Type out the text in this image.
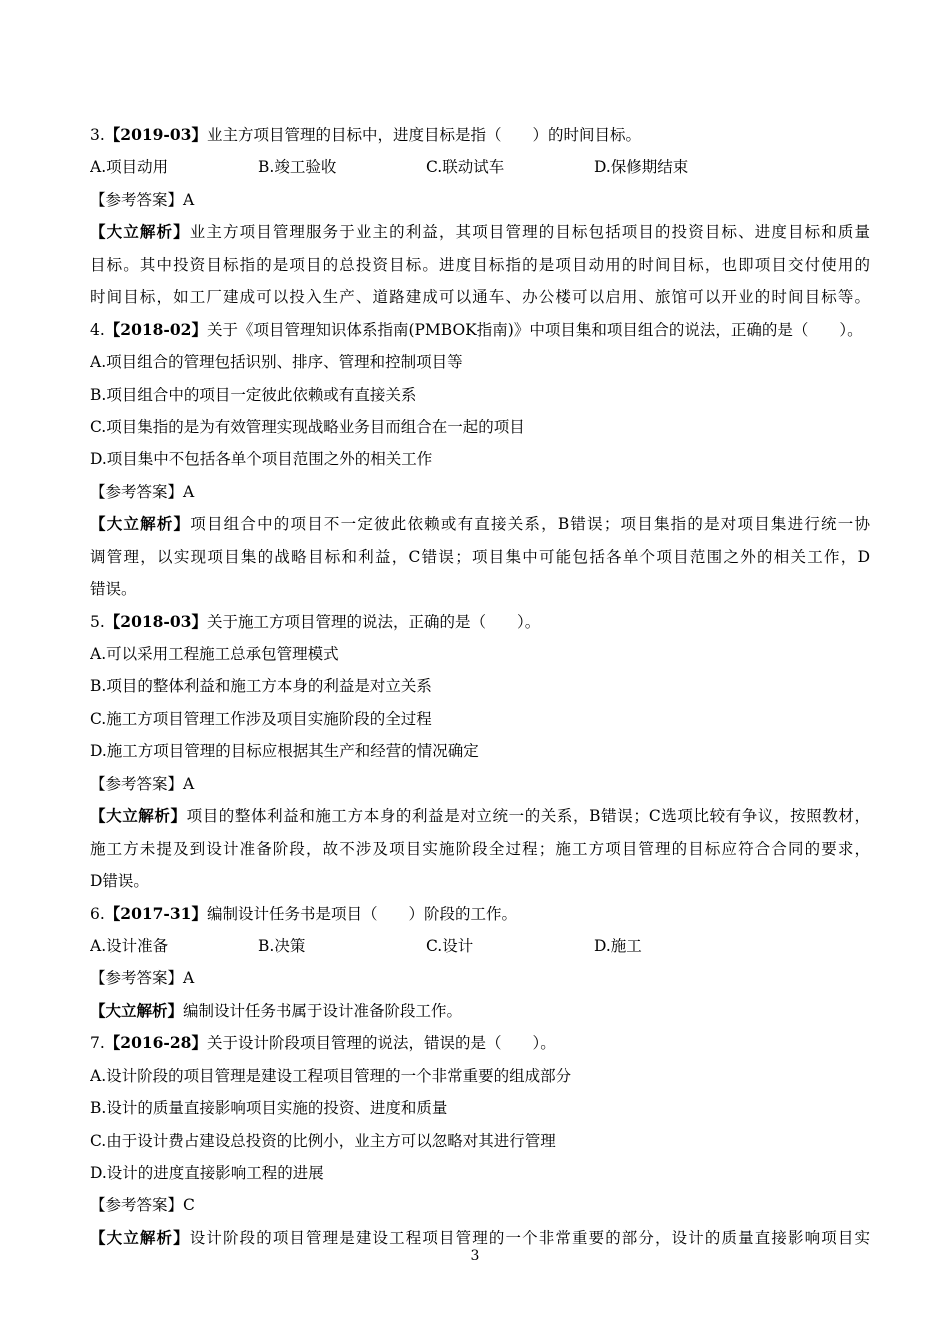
3.【2019-03】业主方项目管理的目标中，进度目标是指（　　）的时间目标。
A.项目动用	B.竣工验收	C.联动试车	D.保修期结束
【参考答案】A
【大立解析】业主方项目管理服务于业主的利益，其项目管理的目标包括项目的投资目标、进度目标和质量
目标。其中投资目标指的是项目的总投资目标。进度目标指的是项目动用的时间目标，也即项目交付使用的
时间目标，如工厂建成可以投入生产、道路建成可以通车、办公楼可以启用、旅馆可以开业的时间目标等。
4.【2018-02】关于《项目管理知识体系指南(PMBOK指南)》中项目集和项目组合的说法，正确的是（　　）。
A.项目组合的管理包括识别、排序、管理和控制项目等
B.项目组合中的项目一定彼此依赖或有直接关系
C.项目集指的是为有效管理实现战略业务目而组合在一起的项目
D.项目集中不包括各单个项目范围之外的相关工作
【参考答案】A
【大立解析】项目组合中的项目不一定彼此依赖或有直接关系，B错误；项目集指的是对项目集进行统一协
调管理，以实现项目集的战略目标和利益，C错误；项目集中可能包括各单个项目范围之外的相关工作，D
错误。
5.【2018-03】关于施工方项目管理的说法，正确的是（　　）。
A.可以采用工程施工总承包管理模式
B.项目的整体利益和施工方本身的利益是对立关系
C.施工方项目管理工作涉及项目实施阶段的全过程
D.施工方项目管理的目标应根据其生产和经营的情况确定
【参考答案】A
【大立解析】项目的整体利益和施工方本身的利益是对立统一的关系，B错误；C选项比较有争议，按照教材，
施工方未提及到设计准备阶段，故不涉及项目实施阶段全过程；施工方项目管理的目标应符合合同的要求，
D错误。
6.【2017-31】编制设计任务书是项目（　　）阶段的工作。
A.设计准备	B.决策	C.设计	D.施工
【参考答案】A
【大立解析】编制设计任务书属于设计准备阶段工作。
7.【2016-28】关于设计阶段项目管理的说法，错误的是（　　）。
A.设计阶段的项目管理是建设工程项目管理的一个非常重要的组成部分
B.设计的质量直接影响项目实施的投资、进度和质量
C.由于设计费占建设总投资的比例小，业主方可以忽略对其进行管理
D.设计的进度直接影响工程的进展
【参考答案】C
【大立解析】设计阶段的项目管理是建设工程项目管理的一个非常重要的部分，设计的质量直接影响项目实
3
